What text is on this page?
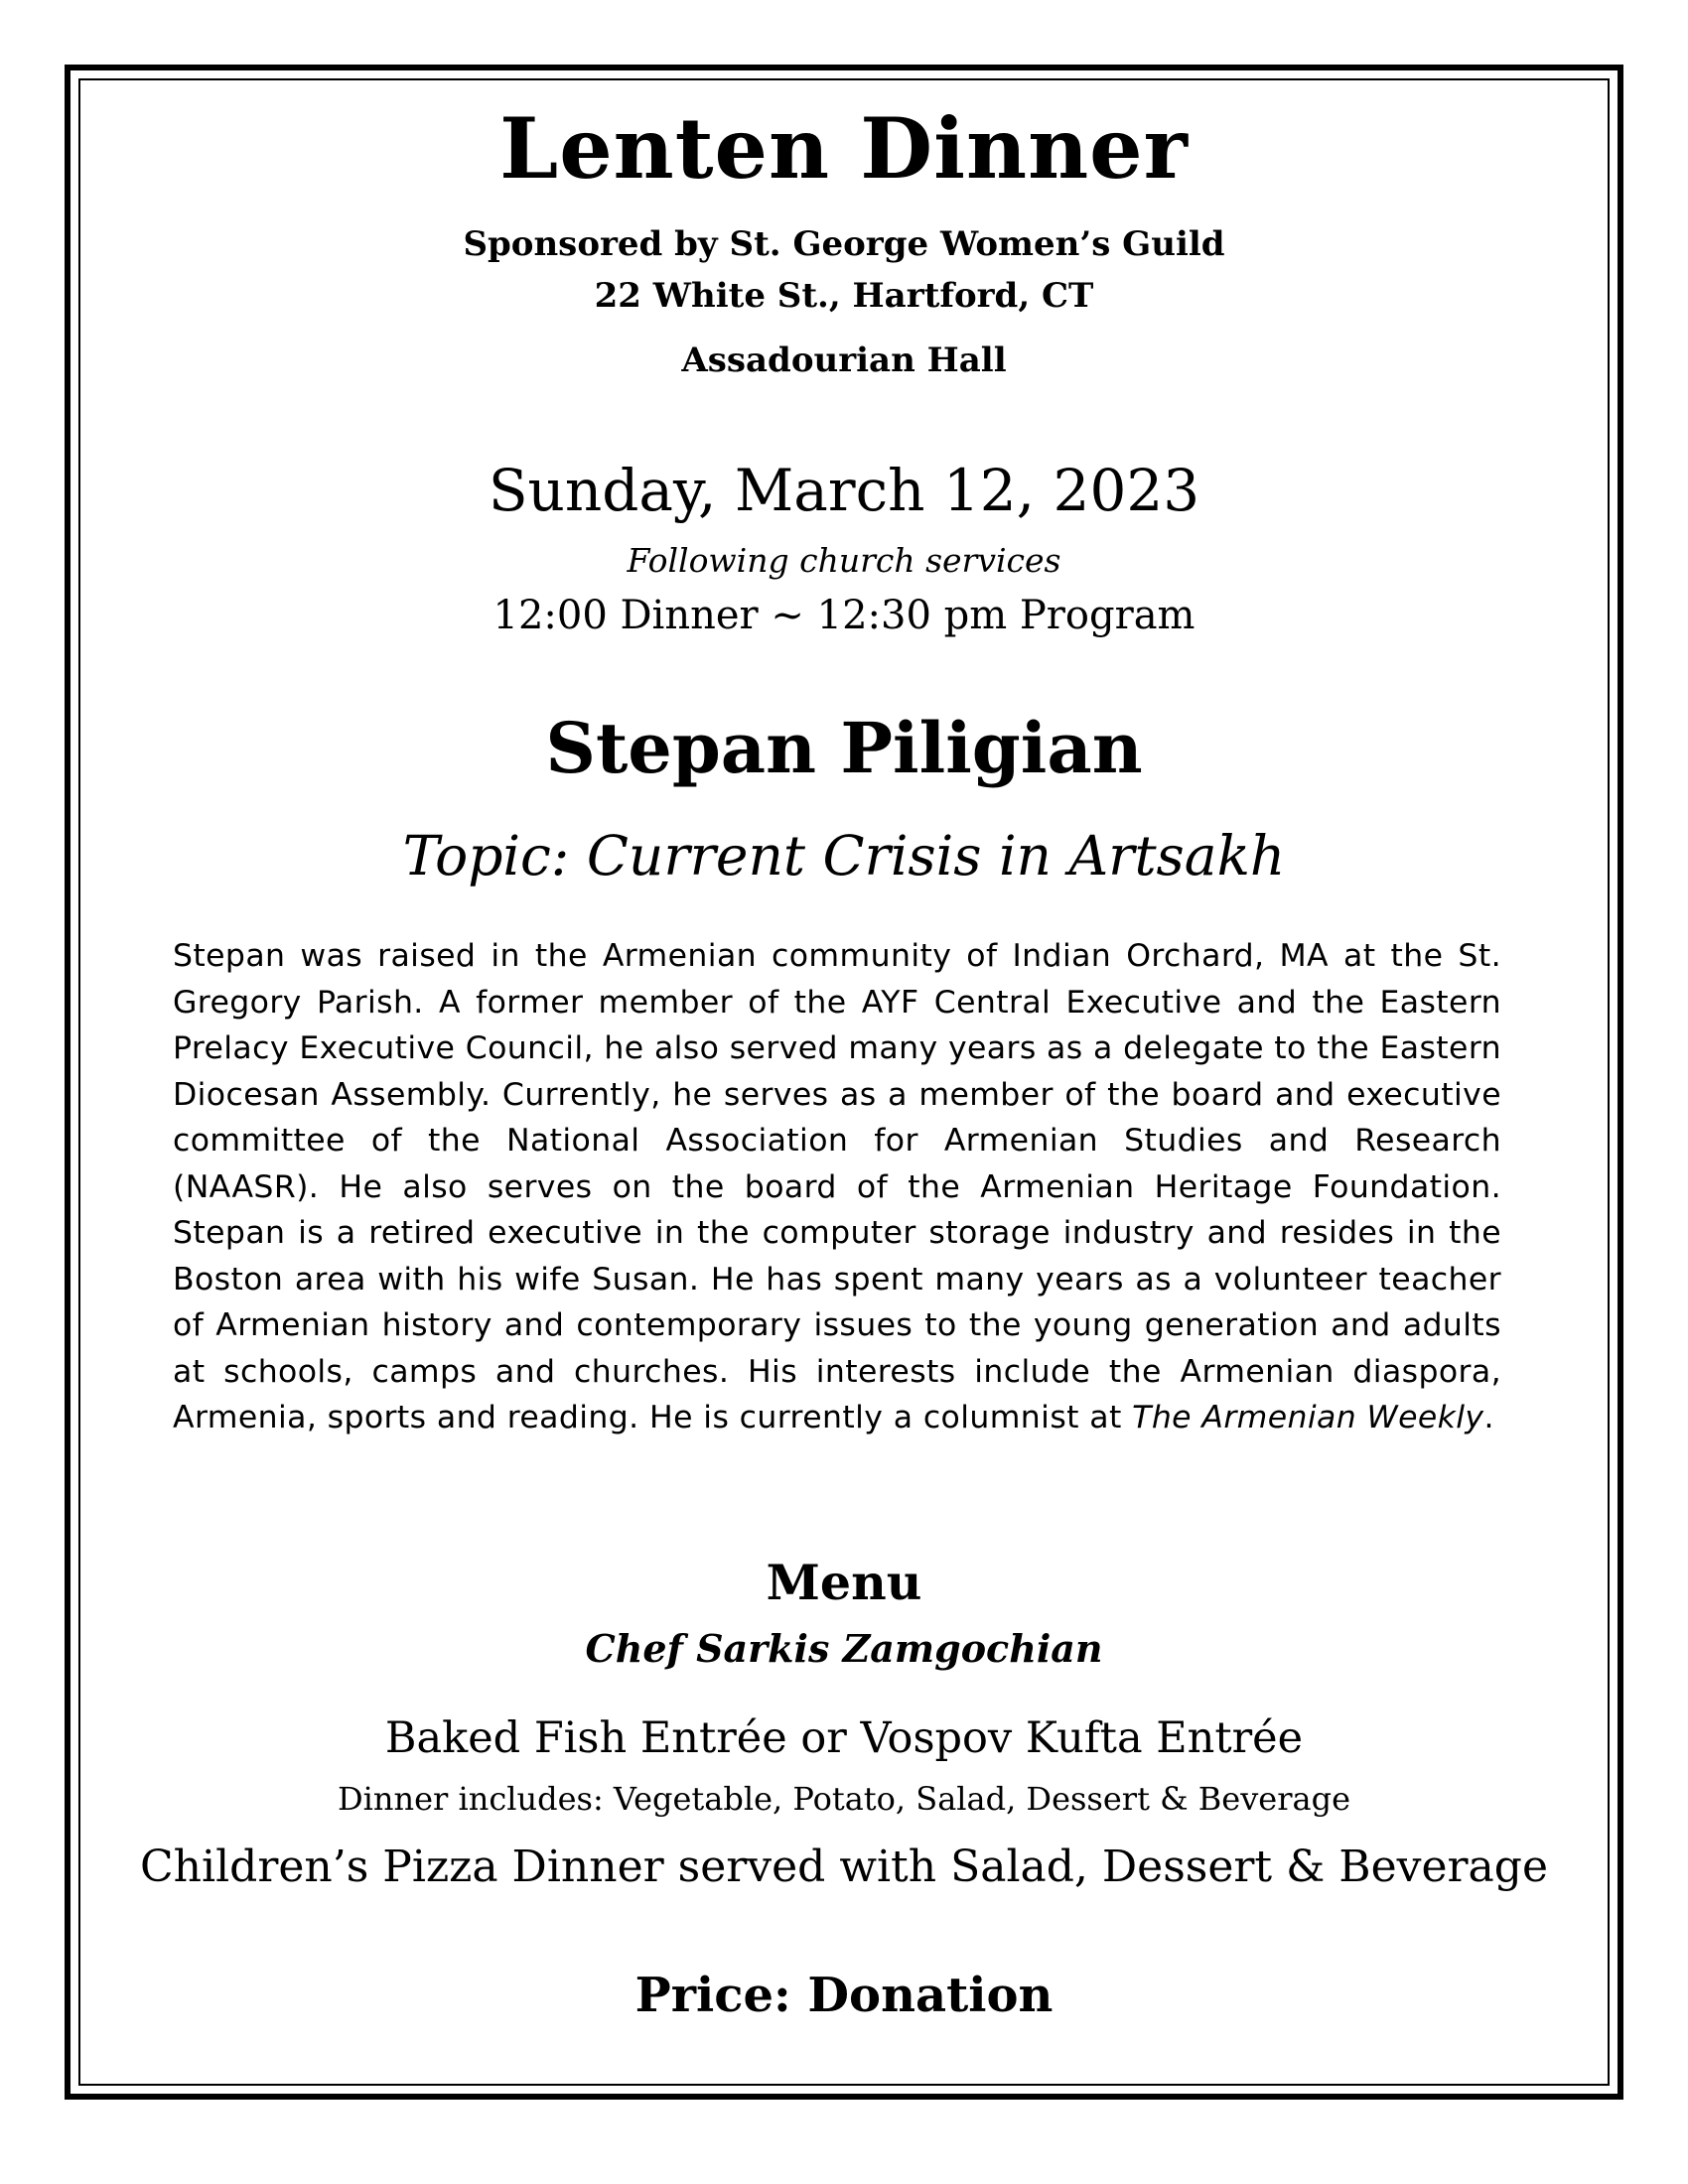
Lenten Dinner
Sponsored by St. George Women’s Guild
22 White St., Hartford, CT
Assadourian Hall
Sunday, March 12, 2023
Following church services
12:00 Dinner ~ 12:30 pm Program
Stepan Piligian
Topic: Current Crisis in Artsakh
Stepan was raised in the Armenian community of Indian Orchard, MA at the St. Gregory Parish. A former member of the AYF Central Executive and the Eastern Prelacy Executive Council, he also served many years as a delegate to the Eastern Diocesan Assembly. Currently, he serves as a member of the board and executive committee of the National Association for Armenian Studies and Research (NAASR). He also serves on the board of the Armenian Heritage Foundation. Stepan is a retired executive in the computer storage industry and resides in the Boston area with his wife Susan. He has spent many years as a volunteer teacher of Armenian history and contemporary issues to the young generation and adults at schools, camps and churches. His interests include the Armenian diaspora, Armenia, sports and reading. He is currently a columnist at The Armenian Weekly.
Menu
Chef Sarkis Zamgochian
Baked Fish Entrée or Vospov Kufta Entrée
Dinner includes: Vegetable, Potato, Salad, Dessert & Beverage
Children’s Pizza Dinner served with Salad, Dessert & Beverage
Price: Donation
